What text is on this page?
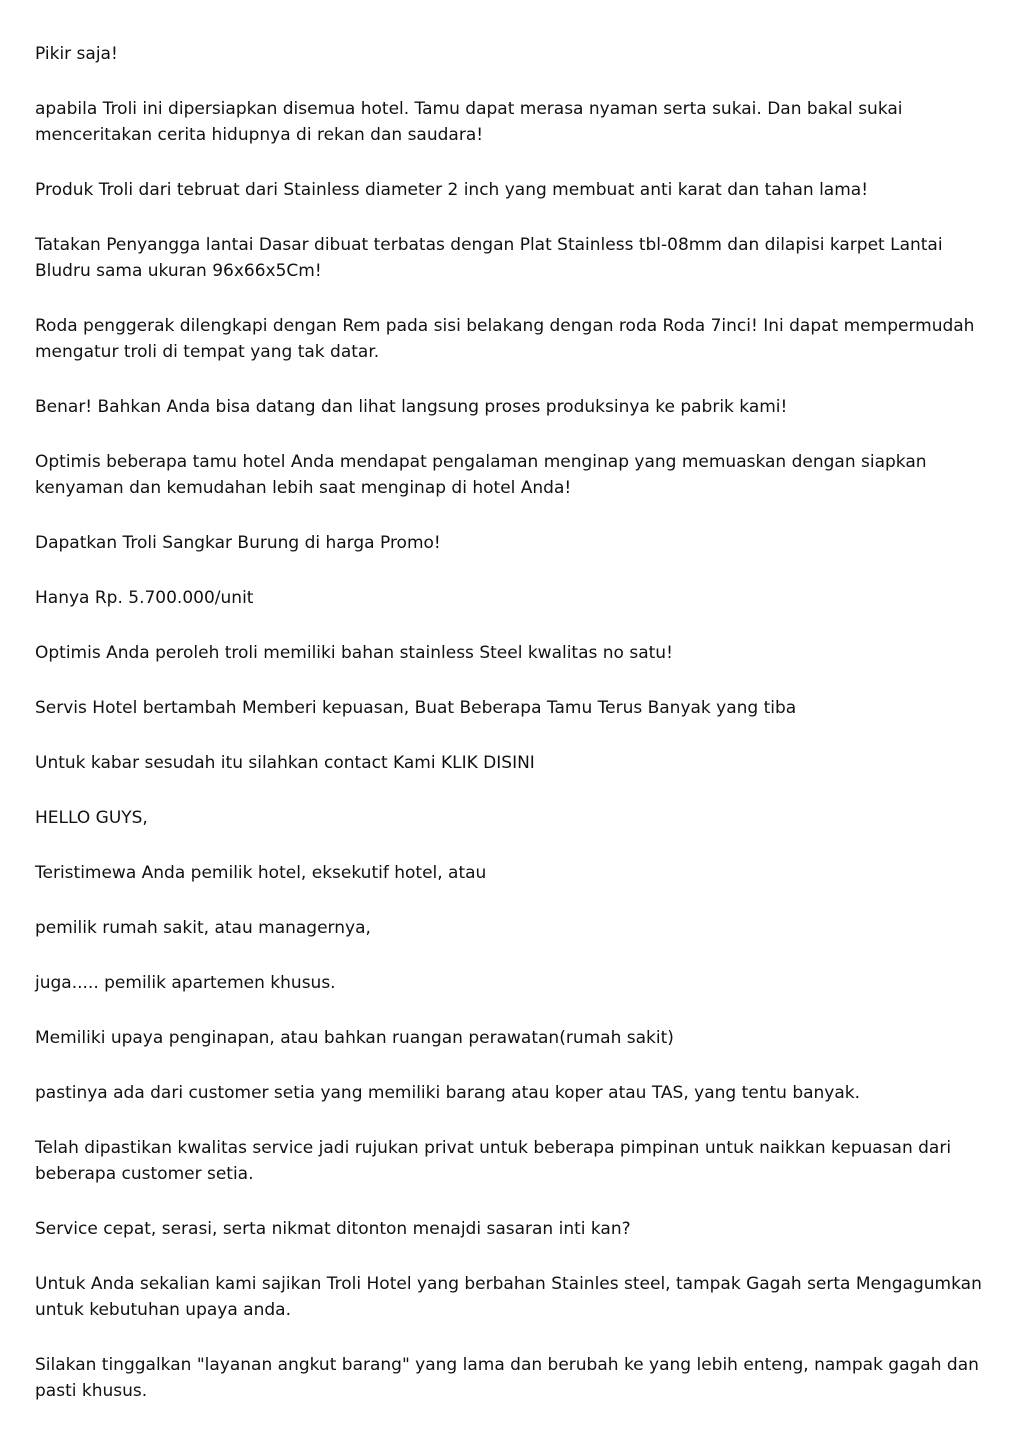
Pikir saja!

apabila Troli ini dipersiapkan disemua hotel. Tamu dapat merasa nyaman serta sukai. Dan bakal sukai menceritakan cerita hidupnya di rekan dan saudara!

Produk Troli dari tebruat dari Stainless diameter 2 inch yang membuat anti karat dan tahan lama!

Tatakan Penyangga lantai Dasar dibuat terbatas dengan Plat Stainless tbl-08mm dan dilapisi karpet Lantai Bludru sama ukuran 96x66x5Cm!

Roda penggerak dilengkapi dengan Rem pada sisi belakang dengan roda Roda 7inci! Ini dapat mempermudah mengatur troli di tempat yang tak datar.

Benar! Bahkan Anda bisa datang dan lihat langsung proses produksinya ke pabrik kami!

Optimis beberapa tamu hotel Anda mendapat pengalaman menginap yang memuaskan dengan siapkan kenyaman dan kemudahan lebih saat menginap di hotel Anda!

Dapatkan Troli Sangkar Burung di harga Promo!

Hanya Rp. 5.700.000/unit

Optimis Anda peroleh troli memiliki bahan stainless Steel kwalitas no satu!

Servis Hotel bertambah Memberi kepuasan, Buat Beberapa Tamu Terus Banyak yang tiba

Untuk kabar sesudah itu silahkan contact Kami KLIK DISINI

HELLO GUYS,

Teristimewa Anda pemilik hotel, eksekutif hotel, atau

pemilik rumah sakit, atau managernya,

juga..... pemilik apartemen khusus.

Memiliki upaya penginapan, atau bahkan ruangan perawatan(rumah sakit)

pastinya ada dari customer setia yang memiliki barang atau koper atau TAS, yang tentu banyak.

Telah dipastikan kwalitas service jadi rujukan privat untuk beberapa pimpinan untuk naikkan kepuasan dari beberapa customer setia.

Service cepat, serasi, serta nikmat ditonton menajdi sasaran inti kan?

Untuk Anda sekalian kami sajikan Troli Hotel yang berbahan Stainles steel, tampak Gagah serta Mengagumkan untuk kebutuhan upaya anda.

Silakan tinggalkan "layanan angkut barang" yang lama dan berubah ke yang lebih enteng, nampak gagah dan pasti khusus.
